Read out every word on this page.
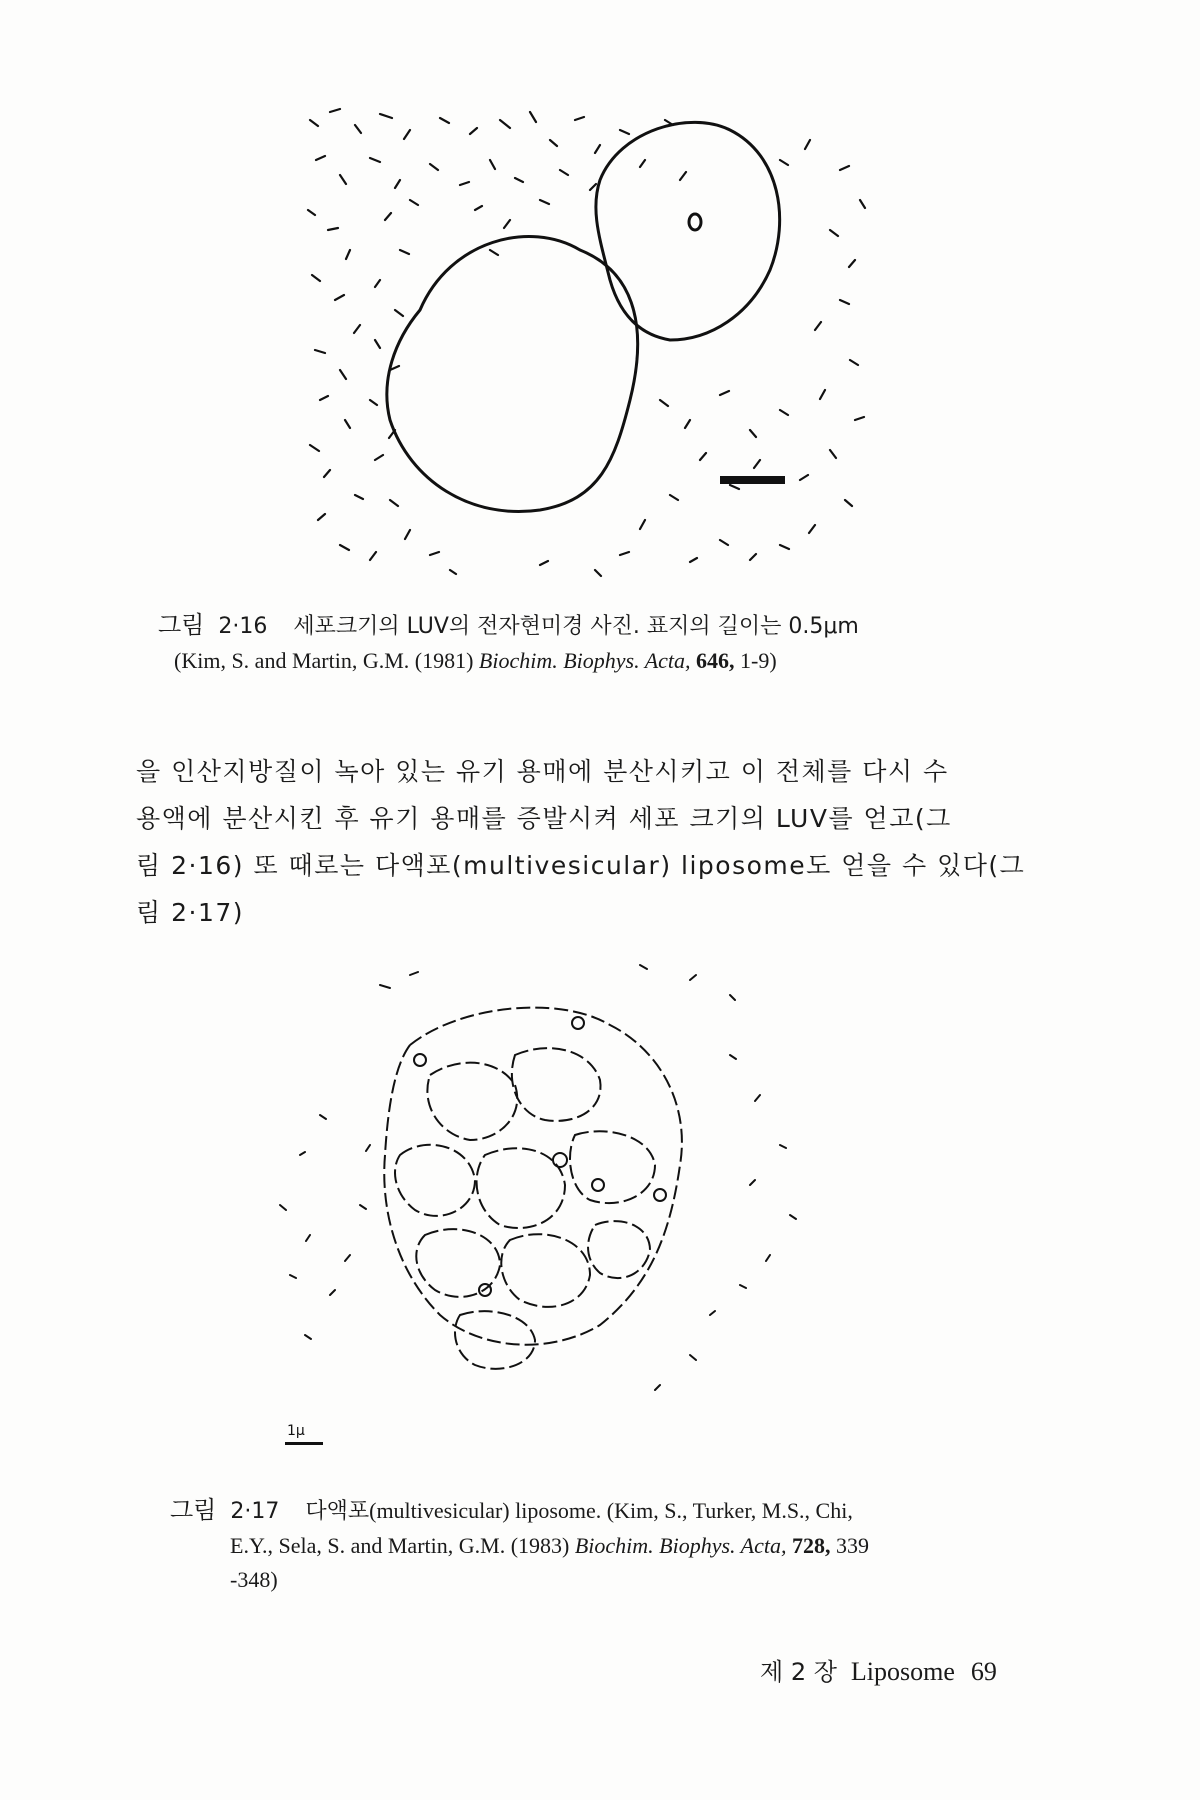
그림 2·16 세포크기의 LUV의 전자현미경 사진. 표지의 길이는 0.5μm
(Kim, S. and Martin, G.M. (1981) Biochim. Biophys. Acta, 646, 1-9)
을 인산지방질이 녹아 있는 유기 용매에 분산시키고 이 전체를 다시 수
용액에 분산시킨 후 유기 용매를 증발시켜 세포 크기의 LUV를 얻고(그
림 2·16) 또 때로는 다액포(multivesicular) liposome도 얻을 수 있다(그
림 2·17)
1μ
그림 2·17 다액포(multivesicular) liposome. (Kim, S., Turker, M.S., Chi,
E.Y., Sela, S. and Martin, G.M. (1983) Biochim. Biophys. Acta, 728, 339
-348)
제 2 장 Liposome 69
